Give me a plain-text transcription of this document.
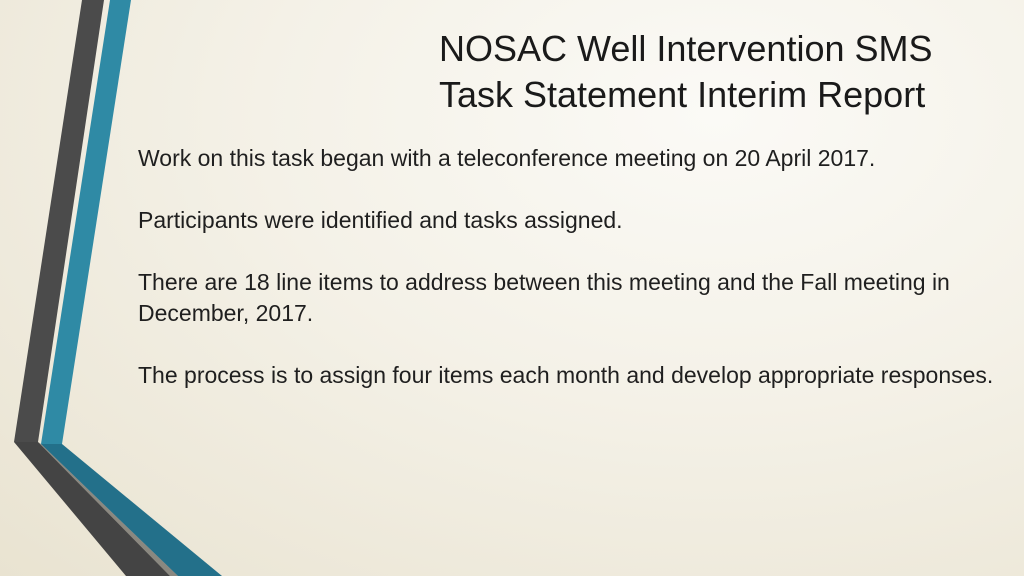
NOSAC Well Intervention SMS
Task Statement Interim Report

Work on this task began with a teleconference meeting on 20 April 2017.

Participants were identified and tasks assigned.

There are 18 line items to address between this meeting and the Fall meeting in December, 2017.

The process is to assign four items each month and develop appropriate responses.
